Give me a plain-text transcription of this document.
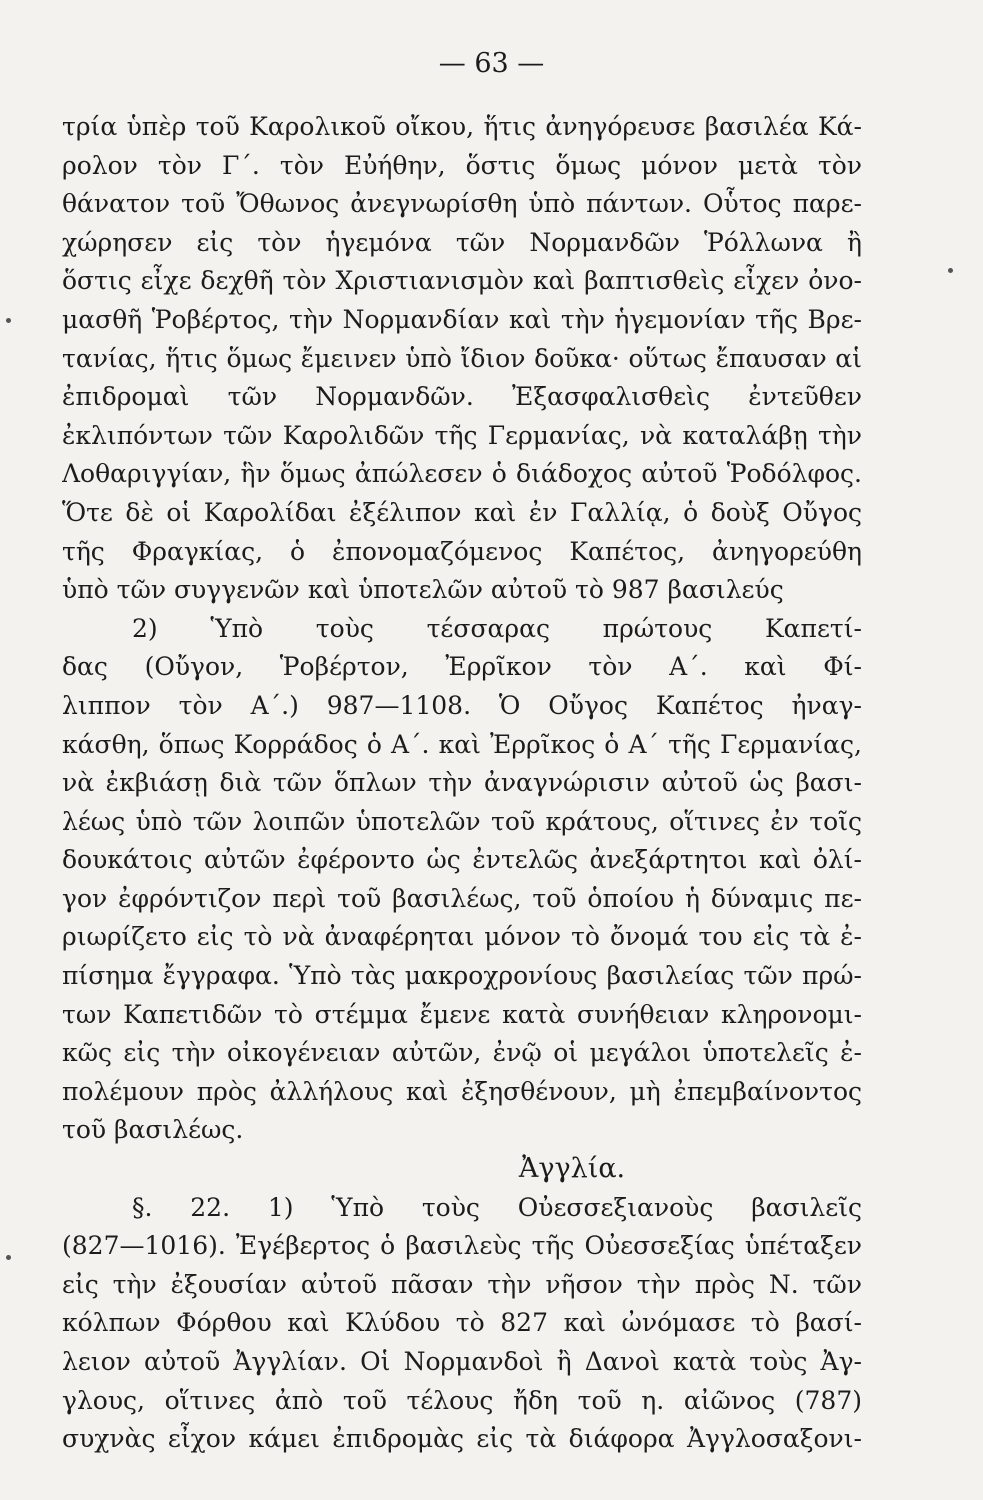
— 63 —
τρία ὑπὲρ τοῦ Καρολικοῦ οἴκου, ἥτις ἀνηγόρευσε βασιλέα Κά-
ρολον τὸν Γ΄. τὸν Εὐήθην, ὅστις ὅμως μόνον μετὰ τὸν
θάνατον τοῦ Ὄθωνος ἀνεγνωρίσθη ὑπὸ πάντων. Οὗτος παρε-
χώρησεν εἰς τὸν ἡγεμόνα τῶν Νορμανδῶν Ῥόλλωνα ἢ
ὅστις εἶχε δεχθῆ τὸν Χριστιανισμὸν καὶ βαπτισθεὶς εἶχεν ὀνο-
μασθῆ Ῥοβέρτος, τὴν Νορμανδίαν καὶ τὴν ἡγεμονίαν τῆς Βρε-
τανίας, ἥτις ὅμως ἔμεινεν ὑπὸ ἴδιον δοῦκα· οὕτως ἔπαυσαν αἱ
ἐπιδρομαὶ τῶν Νορμανδῶν. Ἐξασφαλισθεὶς ἐντεῦθεν
ἐκλιπόντων τῶν Καρολιδῶν τῆς Γερμανίας, νὰ καταλάβῃ τὴν
Λοθαριγγίαν, ἣν ὅμως ἀπώλεσεν ὁ διάδοχος αὐτοῦ Ῥοδόλφος.
Ὅτε δὲ οἱ Καρολίδαι ἐξέλιπον καὶ ἐν Γαλλίᾳ, ὁ δοὺξ Οὔγος
τῆς Φραγκίας, ὁ ἐπονομαζόμενος Καπέτος, ἀνηγορεύθη
ὑπὸ τῶν συγγενῶν καὶ ὑποτελῶν αὐτοῦ τὸ 987 βασιλεύς
2) Ὑπὸ τοὺς τέσσαρας πρώτους Καπετί-
δας (Οὔγον, Ῥοβέρτον, Ἐρρῖκον τὸν Α΄. καὶ Φί-
λιππον τὸν Α΄.) 987—1108. Ὁ Οὔγος Καπέτος ἠναγ-
κάσθη, ὅπως Κορράδος ὁ Α΄. καὶ Ἐρρῖκος ὁ Α΄ τῆς Γερμανίας,
νὰ ἐκβιάσῃ διὰ τῶν ὅπλων τὴν ἀναγνώρισιν αὐτοῦ ὡς βασι-
λέως ὑπὸ τῶν λοιπῶν ὑποτελῶν τοῦ κράτους, οἵτινες ἐν τοῖς
δουκάτοις αὐτῶν ἐφέροντο ὡς ἐντελῶς ἀνεξάρτητοι καὶ ὀλί-
γον ἐφρόντιζον περὶ τοῦ βασιλέως, τοῦ ὁποίου ἡ δύναμις πε-
ριωρίζετο εἰς τὸ νὰ ἀναφέρηται μόνον τὸ ὄνομά του εἰς τὰ ἐ-
πίσημα ἔγγραφα. Ὑπὸ τὰς μακροχρονίους βασιλείας τῶν πρώ-
των Καπετιδῶν τὸ στέμμα ἔμενε κατὰ συνήθειαν κληρονομι-
κῶς εἰς τὴν οἰκογένειαν αὐτῶν, ἐνῷ οἱ μεγάλοι ὑποτελεῖς ἐ-
πολέμουν πρὸς ἀλλήλους καὶ ἐξησθένουν, μὴ ἐπεμβαίνοντος
τοῦ βασιλέως.
Ἀγγλία.
§. 22. 1) Ὑπὸ τοὺς Οὐεσσεξιανοὺς βασιλεῖς
(827—1016). Ἐγέβερτος ὁ βασιλεὺς τῆς Οὐεσσεξίας ὑπέταξεν
εἰς τὴν ἐξουσίαν αὐτοῦ πᾶσαν τὴν νῆσον τὴν πρὸς Ν. τῶν
κόλπων Φόρθου καὶ Κλύδου τὸ 827 καὶ ὠνόμασε τὸ βασί-
λειον αὐτοῦ Ἀγγλίαν. Οἱ Νορμανδοὶ ἢ Δανοὶ κατὰ τοὺς Ἀγ-
γλους, οἵτινες ἀπὸ τοῦ τέλους ἤδη τοῦ η. αἰῶνος (787)
συχνὰς εἶχον κάμει ἐπιδρομὰς εἰς τὰ διάφορα Ἀγγλοσαξονι-
